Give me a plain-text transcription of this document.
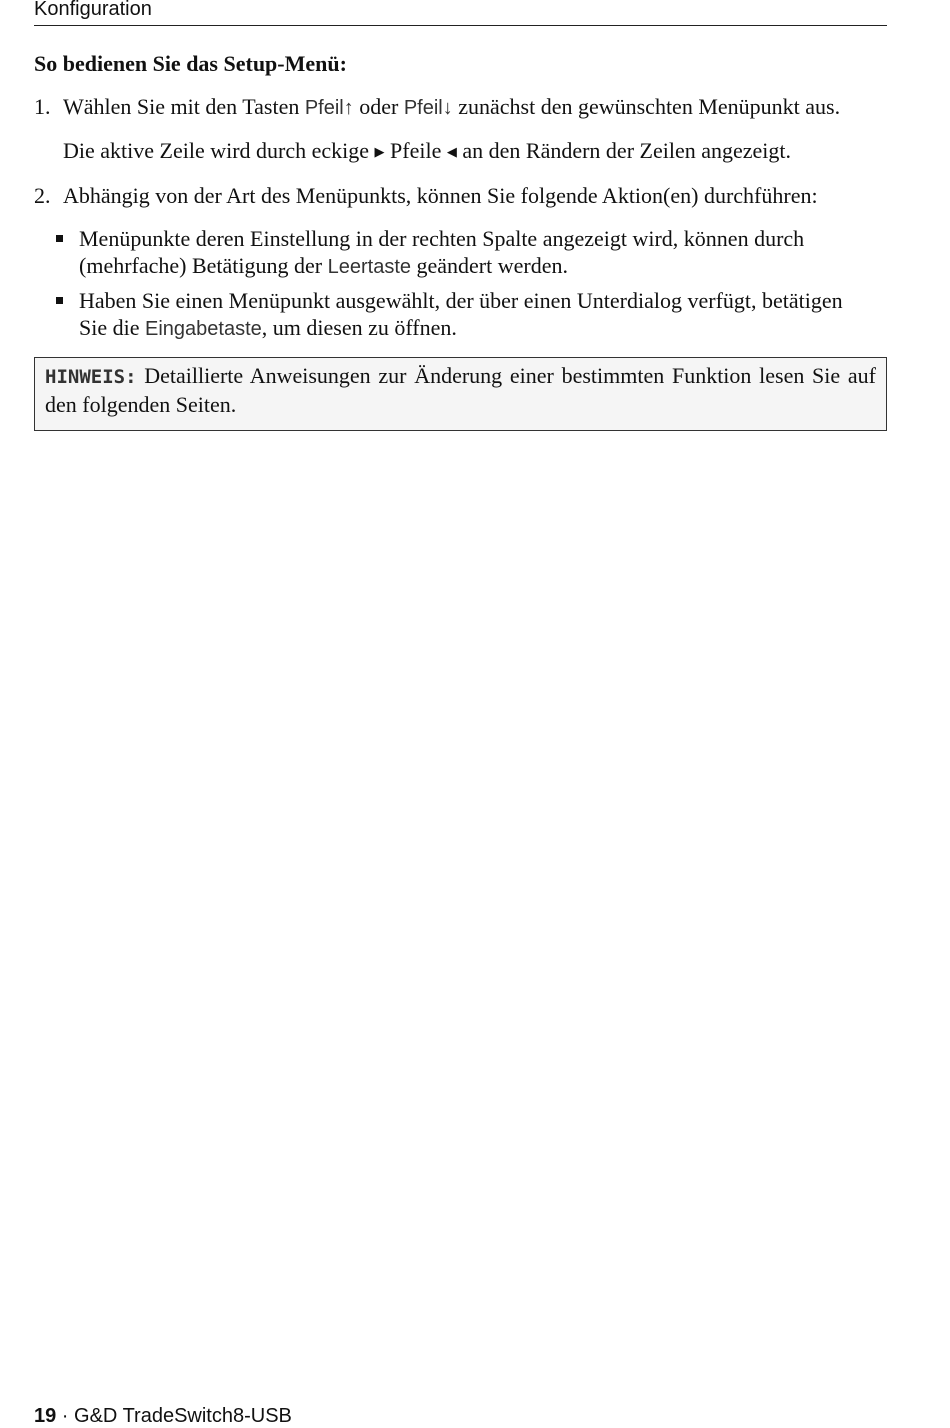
Konfiguration
So bedienen Sie das Setup-Menü:
1. Wählen Sie mit den Tasten Pfeil↑ oder Pfeil↓ zunächst den gewünschten Menüpunkt aus.
Die aktive Zeile wird durch eckige ▶ Pfeile ◀ an den Rändern der Zeilen angezeigt.
2. Abhängig von der Art des Menüpunkts, können Sie folgende Aktion(en) durchführen:
Menüpunkte deren Einstellung in der rechten Spalte angezeigt wird, können durch (mehrfache) Betätigung der Leertaste geändert werden.
Haben Sie einen Menüpunkt ausgewählt, der über einen Unterdialog verfügt, betätigen Sie die Eingabetaste, um diesen zu öffnen.
HINWEIS: Detaillierte Anweisungen zur Änderung einer bestimmten Funktion lesen Sie auf den folgenden Seiten.
19 · G&D TradeSwitch8-USB
